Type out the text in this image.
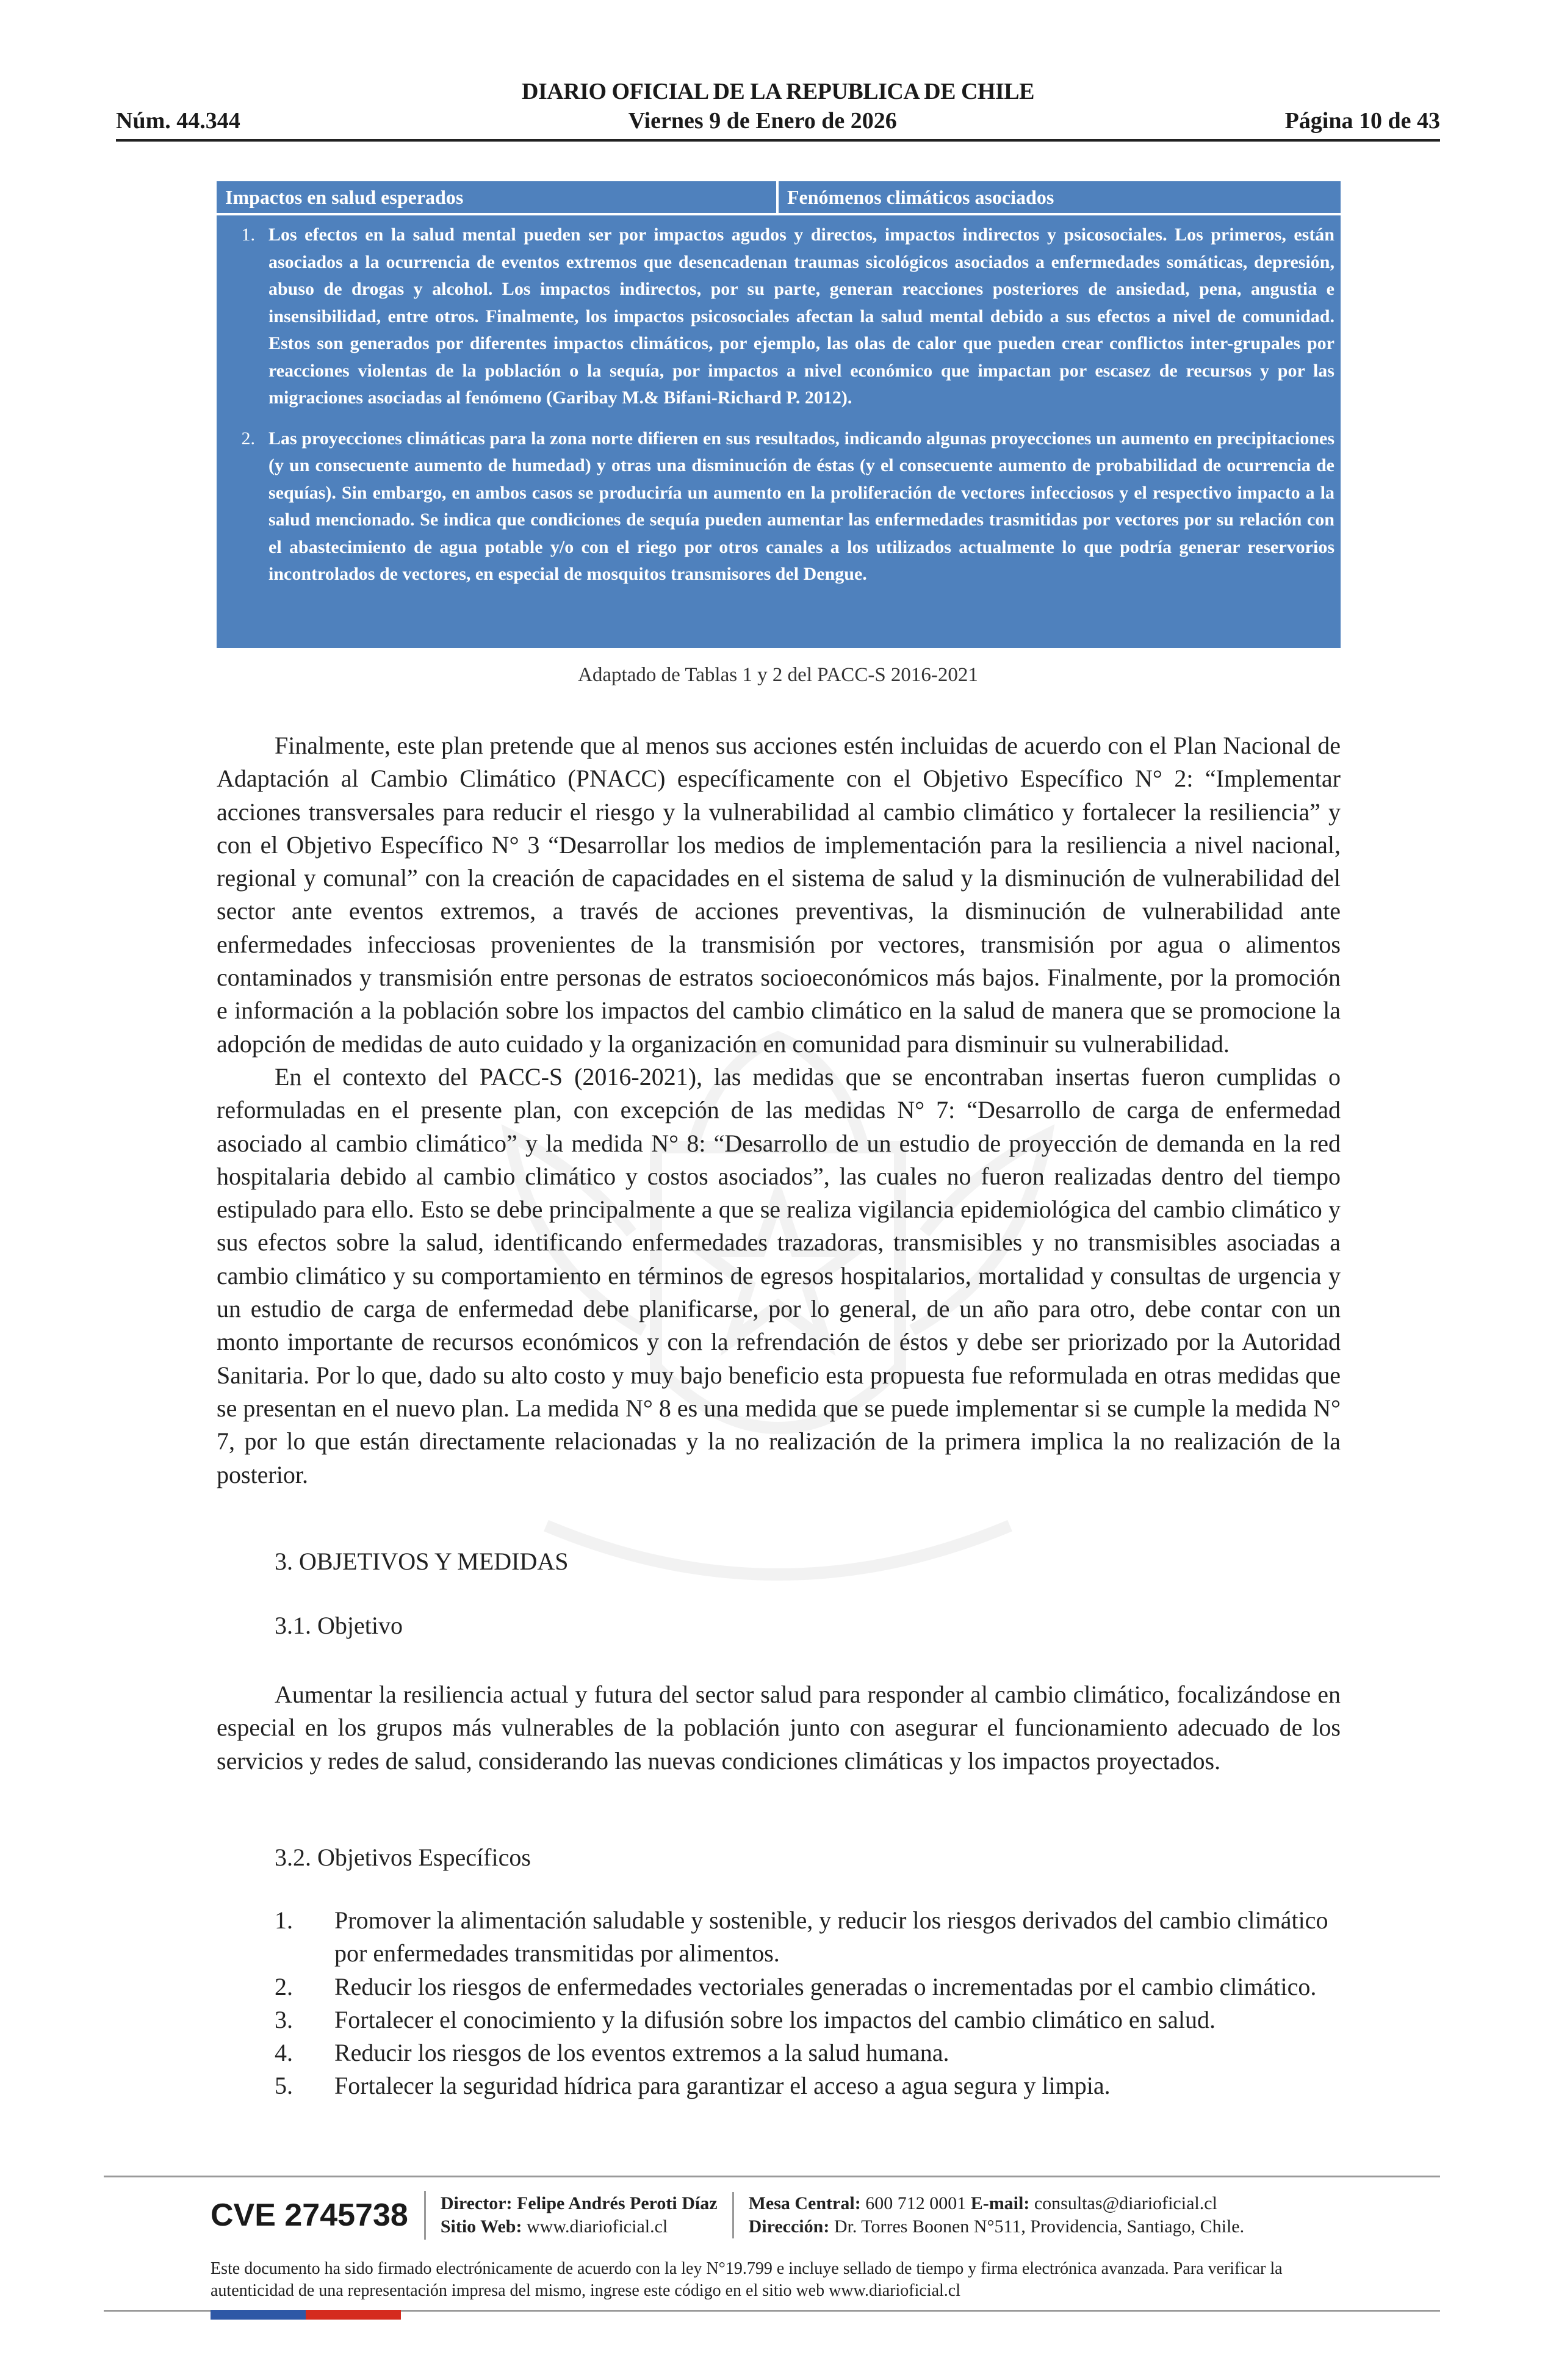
DIARIO OFICIAL DE LA REPUBLICA DE CHILE
Núm. 44.344	Viernes 9 de Enero de 2026	Página 10 de 43
Impactos en salud esperados	Fenómenos climáticos asociados
1. Los efectos en la salud mental pueden ser por impactos agudos y directos, impactos indirectos y psicosociales. Los primeros, están asociados a la ocurrencia de eventos extremos que desencadenan traumas sicológicos asociados a enfermedades somáticas, depresión, abuso de drogas y alcohol. Los impactos indirectos, por su parte, generan reacciones posteriores de ansiedad, pena, angustia e insensibilidad, entre otros. Finalmente, los impactos psicosociales afectan la salud mental debido a sus efectos a nivel de comunidad. Estos son generados por diferentes impactos climáticos, por ejemplo, las olas de calor que pueden crear conflictos inter-grupales por reacciones violentas de la población o la sequía, por impactos a nivel económico que impactan por escasez de recursos y por las migraciones asociadas al fenómeno (Garibay M.& Bifani-Richard P. 2012).
2. Las proyecciones climáticas para la zona norte difieren en sus resultados, indicando algunas proyecciones un aumento en precipitaciones (y un consecuente aumento de humedad) y otras una disminución de éstas (y el consecuente aumento de probabilidad de ocurrencia de sequías). Sin embargo, en ambos casos se produciría un aumento en la proliferación de vectores infecciosos y el respectivo impacto a la salud mencionado. Se indica que condiciones de sequía pueden aumentar las enfermedades trasmitidas por vectores por su relación con el abastecimiento de agua potable y/o con el riego por otros canales a los utilizados actualmente lo que podría generar reservorios incontrolados de vectores, en especial de mosquitos transmisores del Dengue.
Adaptado de Tablas 1 y 2 del PACC-S 2016-2021

Finalmente, este plan pretende que al menos sus acciones estén incluidas de acuerdo con el Plan Nacional de Adaptación al Cambio Climático (PNACC) específicamente con el Objetivo Específico N° 2: “Implementar acciones transversales para reducir el riesgo y la vulnerabilidad al cambio climático y fortalecer la resiliencia” y con el Objetivo Específico N° 3 “Desarrollar los medios de implementación para la resiliencia a nivel nacional, regional y comunal” con la creación de capacidades en el sistema de salud y la disminución de vulnerabilidad del sector ante eventos extremos, a través de acciones preventivas, la disminución de vulnerabilidad ante enfermedades infecciosas provenientes de la transmisión por vectores, transmisión por agua o alimentos contaminados y transmisión entre personas de estratos socioeconómicos más bajos. Finalmente, por la promoción e información a la población sobre los impactos del cambio climático en la salud de manera que se promocione la adopción de medidas de auto cuidado y la organización en comunidad para disminuir su vulnerabilidad.

En el contexto del PACC-S (2016-2021), las medidas que se encontraban insertas fueron cumplidas o reformuladas en el presente plan, con excepción de las medidas N° 7: “Desarrollo de carga de enfermedad asociado al cambio climático” y la medida N° 8: “Desarrollo de un estudio de proyección de demanda en la red hospitalaria debido al cambio climático y costos asociados”, las cuales no fueron realizadas dentro del tiempo estipulado para ello. Esto se debe principalmente a que se realiza vigilancia epidemiológica del cambio climático y sus efectos sobre la salud, identificando enfermedades trazadoras, transmisibles y no transmisibles asociadas a cambio climático y su comportamiento en términos de egresos hospitalarios, mortalidad y consultas de urgencia y un estudio de carga de enfermedad debe planificarse, por lo general, de un año para otro, debe contar con un monto importante de recursos económicos y con la refrendación de éstos y debe ser priorizado por la Autoridad Sanitaria. Por lo que, dado su alto costo y muy bajo beneficio esta propuesta fue reformulada en otras medidas que se presentan en el nuevo plan. La medida N° 8 es una medida que se puede implementar si se cumple la medida N° 7, por lo que están directamente relacionadas y la no realización de la primera implica la no realización de la posterior.

3. OBJETIVOS Y MEDIDAS
3.1. Objetivo

Aumentar la resiliencia actual y futura del sector salud para responder al cambio climático, focalizándose en especial en los grupos más vulnerables de la población junto con asegurar el funcionamiento adecuado de los servicios y redes de salud, considerando las nuevas condiciones climáticas y los impactos proyectados.

3.2. Objetivos Específicos
1.	Promover la alimentación saludable y sostenible, y reducir los riesgos derivados del cambio climático por enfermedades transmitidas por alimentos.
2.	Reducir los riesgos de enfermedades vectoriales generadas o incrementadas por el cambio climático.
3.	Fortalecer el conocimiento y la difusión sobre los impactos del cambio climático en salud.
4.	Reducir los riesgos de los eventos extremos a la salud humana.
5.	Fortalecer la seguridad hídrica para garantizar el acceso a agua segura y limpia.
CVE 2745738	Director: Felipe Andrés Peroti Díaz
Sitio Web: www.diarioficial.cl
Mesa Central: 600 712 0001 E-mail: consultas@diarioficial.cl
Dirección: Dr. Torres Boonen N°511, Providencia, Santiago, Chile.
Este documento ha sido firmado electrónicamente de acuerdo con la ley N°19.799 e incluye sellado de tiempo y firma electrónica avanzada. Para verificar la autenticidad de una representación impresa del mismo, ingrese este código en el sitio web www.diarioficial.cl
